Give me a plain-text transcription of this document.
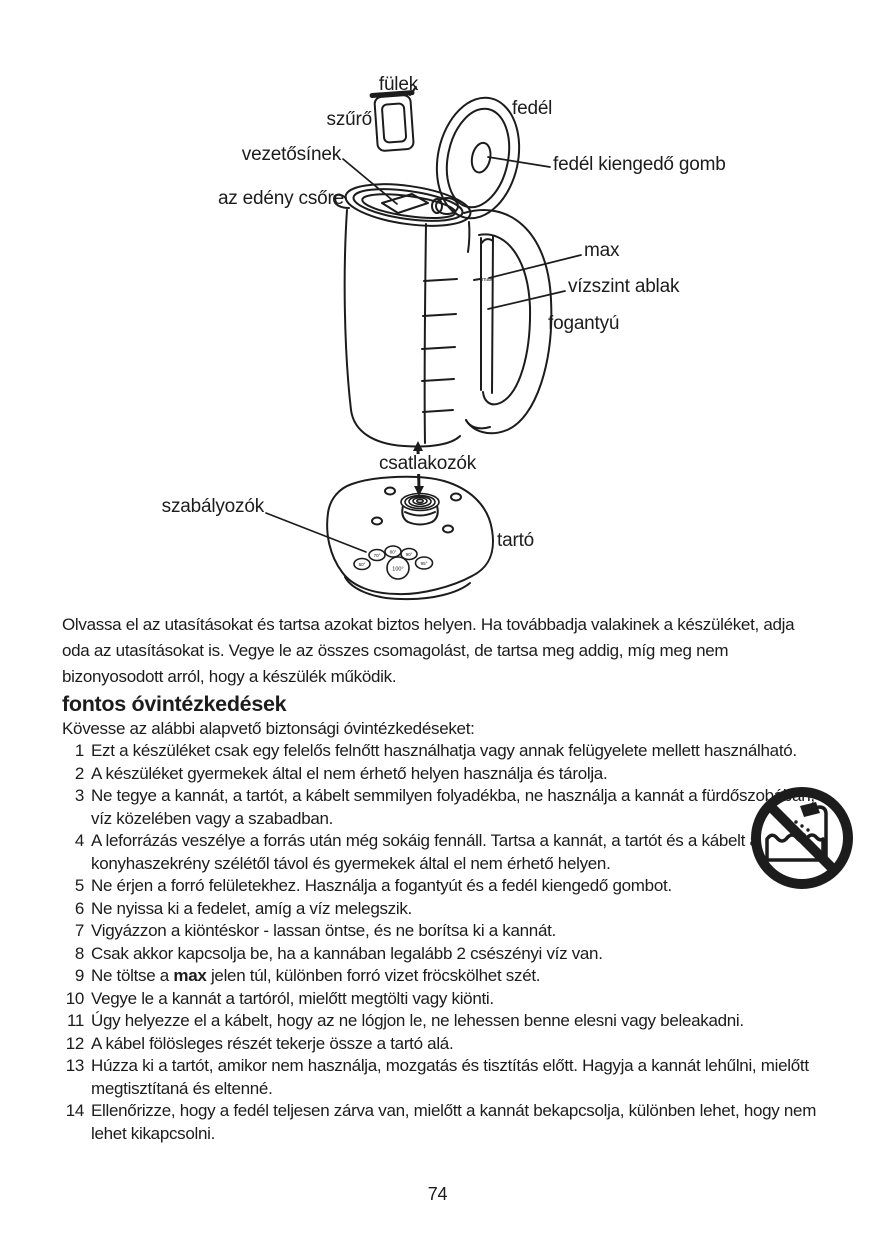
max
60°
70°
80° 90°
95°
100°
fülek
szűrő
fedél
vezetősínek	fedél kiengedő gomb
az edény csőre
max
vízszint ablak
fogantyú
csatlakozók
szabályozók
tartó

Olvassa el az utasításokat és tartsa azokat biztos helyen. Ha továbbadja valakinek a készüléket, adja oda az utasításokat is. Vegye le az összes csomagolást, de tartsa meg addig, míg meg nem bizonyosodott arról, hogy a készülék működik.

fontos óvintézkedések

Kövesse az alábbi alapvető biztonsági óvintézkedéseket:

1 Ezt a készüléket csak egy felelős felnőtt használhatja vagy annak felügyelete mellett használható.
2 A készüléket gyermekek által el nem érhető helyen használja és tárolja.
3 Ne tegye a kannát, a tartót, a kábelt semmilyen folyadékba, ne használja a kannát a fürdőszobában, víz közelében vagy a szabadban.
4 A leforrázás veszélye a forrás után még sokáig fennáll. Tartsa a kannát, a tartót és a kábelt a konyhaszekrény szélétől távol és gyermekek által el nem érhető helyen.
5 Ne érjen a forró felületekhez. Használja a fogantyút és a fedél kiengedő gombot.
6 Ne nyissa ki a fedelet, amíg a víz melegszik.
7 Vigyázzon a kiöntéskor - lassan öntse, és ne borítsa ki a kannát.
8 Csak akkor kapcsolja be, ha a kannában legalább 2 csészényi víz van.
9 Ne töltse a max jelen túl, különben forró vizet fröcskölhet szét.
10 Vegye le a kannát a tartóról, mielőtt megtölti vagy kiönti.
11 Úgy helyezze el a kábelt, hogy az ne lógjon le, ne lehessen benne elesni vagy beleakadni.
12 A kábel fölösleges részét tekerje össze a tartó alá.
13 Húzza ki a tartót, amikor nem használja, mozgatás és tisztítás előtt. Hagyja a kannát lehűlni, mielőtt megtisztítaná és eltenné.
14 Ellenőrizze, hogy a fedél teljesen zárva van, mielőtt a kannát bekapcsolja, különben lehet, hogy nem lehet kikapcsolni.
74
